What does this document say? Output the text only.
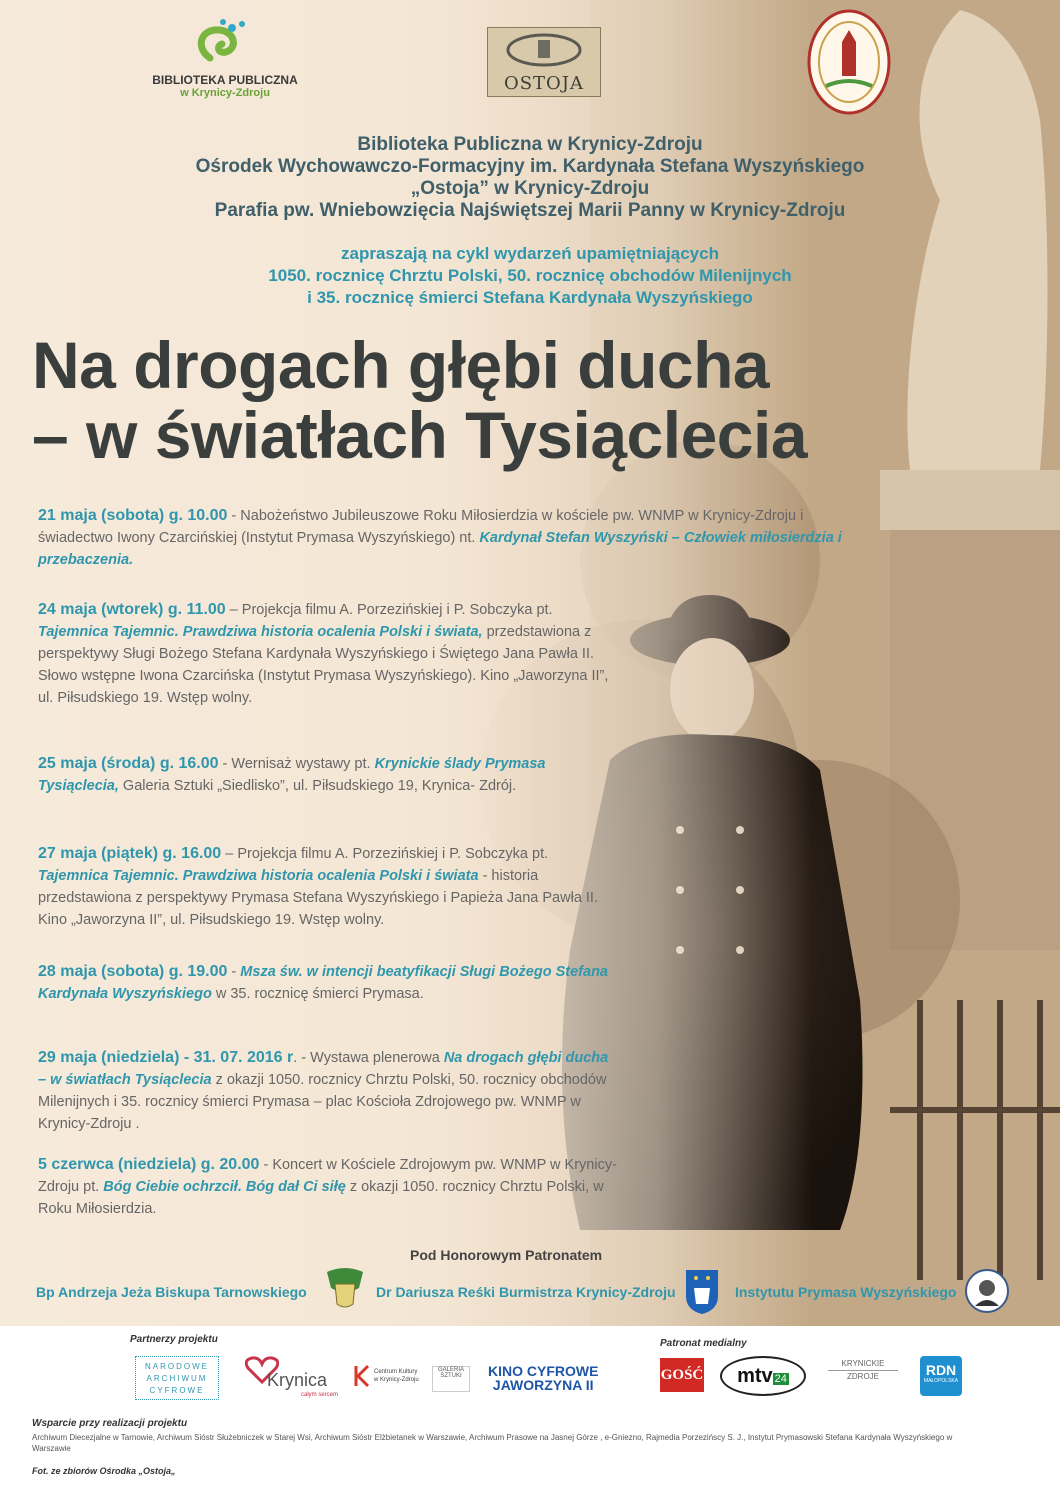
BIBLIOTEKA PUBLICZNA
w Krynicy-Zdroju	OSTOJA
Biblioteka Publiczna w Krynicy-Zdroju
Ośrodek Wychowawczo-Formacyjny im. Kardynała Stefana Wyszyńskiego
„Ostoja” w Krynicy-Zdroju
Parafia pw. Wniebowzięcia Najświętszej Marii Panny w Krynicy-Zdroju
zapraszają na cykl wydarzeń upamiętniających
1050. rocznicę Chrztu Polski, 50. rocznicę obchodów Milenijnych
i 35. rocznicę śmierci Stefana Kardynała Wyszyńskiego
Na drogach głębi ducha
– w światłach Tysiąclecia
21 maja (sobota) g. 10.00 - Nabożeństwo Jubileuszowe Roku Miłosierdzia w kościele pw. WNMP w Krynicy-Zdroju i świadectwo Iwony Czarcińskiej (Instytut Prymasa Wyszyńskiego) nt. Kardynał Stefan Wyszyński – Człowiek miłosierdzia i przebaczenia.
24 maja (wtorek) g. 11.00 – Projekcja filmu A. Porzezińskiej i P. Sobczyka pt. Tajemnica Tajemnic. Prawdziwa historia ocalenia Polski i świata, przedstawiona z perspektywy Sługi Bożego Stefana Kardynała Wyszyńskiego i Świętego Jana Pawła II. Słowo wstępne Iwona Czarcińska (Instytut Prymasa Wyszyńskiego). Kino „Jaworzyna II”, ul. Piłsudskiego 19. Wstęp wolny.
25 maja (środa) g. 16.00 - Wernisaż wystawy pt. Krynickie ślady Prymasa Tysiąclecia, Galeria Sztuki „Siedlisko”, ul. Piłsudskiego 19, Krynica- Zdrój.
27 maja (piątek) g. 16.00 – Projekcja filmu A. Porzezińskiej i P. Sobczyka pt. Tajemnica Tajemnic. Prawdziwa historia ocalenia Polski i świata - historia przedstawiona z perspektywy Prymasa Stefana Wyszyńskiego i Papieża Jana Pawła II. Kino „Jaworzyna II”, ul. Piłsudskiego 19. Wstęp wolny.
28 maja (sobota) g. 19.00 - Msza św. w intencji beatyfikacji Sługi Bożego Stefana Kardynała Wyszyńskiego w 35. rocznicę śmierci Prymasa.
29 maja (niedziela) - 31. 07. 2016 r. - Wystawa plenerowa Na drogach głębi ducha – w światłach Tysiąclecia z okazji 1050. rocznicy Chrztu Polski, 50. rocznicy obchodów Milenijnych i 35. rocznicy śmierci Prymasa – plac Kościoła Zdrojowego pw. WNMP w Krynicy-Zdroju .
5 czerwca (niedziela) g. 20.00 - Koncert w Kościele Zdrojowym pw. WNMP w Krynicy-Zdroju pt. Bóg Ciebie ochrzcił. Bóg dał Ci siłę z okazji 1050. rocznicy Chrztu Polski, w Roku Miłosierdzia.
Pod Honorowym Patronatem
Bp Andrzeja Jeża Biskupa Tarnowskiego	Dr Dariusza Reśki Burmistrza Krynicy-Zdroju	Instytutu Prymasa Wyszyńskiego
Partnerzy projektu
NARODOWE
ARCHIWUM
CYFROWE
Krynica
całym sercem
Centrum Kultury w Krynicy-Zdroju
GALERIA SZTUKI	KINO CYFROWE
JAWORZYNA II
Patronat medialny
GOŚĆ	mtv 24
KRYNICKIE
ZDROJE	RDN
MAŁOPOLSKA
Wsparcie przy realizacji projektu
Archiwum Diecezjalne w Tarnowie, Archiwum Sióstr Służebniczek w Starej Wsi, Archiwum Sióstr Elżbietanek w Warszawie, Archiwum Prasowe na Jasnej Górze , e-Gniezno, Rajmedia Porzezińscy S. J., Instytut Prymasowski Stefana Kardynała Wyszyńskiego w Warszawie
Fot. ze zbiorów Ośrodka „Ostoja„
